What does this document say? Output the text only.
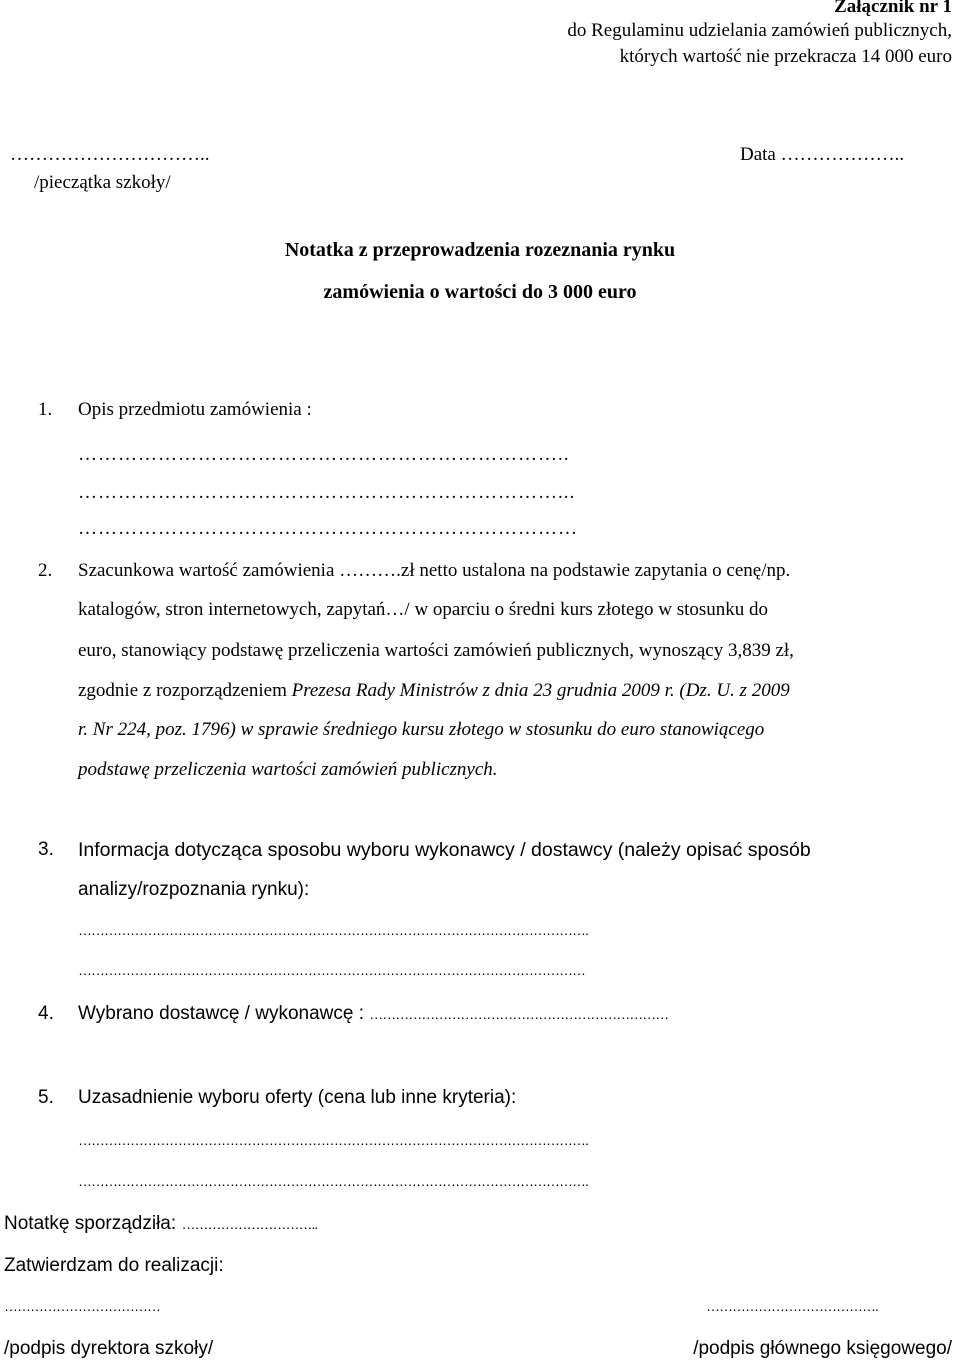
Załącznik nr 1
do Regulaminu udzielania zamówień publicznych,
których wartość nie przekracza 14 000 euro
…………………………..
/pieczątka szkoły/
Data ………………..
Notatka z przeprowadzenia rozeznania rynku
zamówienia o wartości do 3 000 euro
1. Opis przedmiotu zamówienia :
………………………………………………………………..
………………………………………………………………...
…………………………………………………………………
2. Szacunkowa wartość zamówienia ……….zł netto ustalona na podstawie zapytania o cenę/np.
katalogów, stron internetowych, zapytań…/ w oparciu o średni kurs złotego w stosunku do
euro, stanowiący podstawę przeliczenia wartości zamówień publicznych, wynoszący 3,839 zł,
zgodnie z rozporządzeniem Prezesa Rady Ministrów z dnia 23 grudnia 2009 r. (Dz. U. z 2009
r. Nr 224, poz. 1796) w sprawie średniego kursu złotego w stosunku do euro stanowiącego
podstawę przeliczenia wartości zamówień publicznych.
3. Informacja dotycząca sposobu wyboru wykonawcy / dostawcy (należy opisać sposób
analizy/rozpoznania rynku):
……………………………………………………………………………………………………….
………………………………………………………………………………………………………
4. Wybrano dostawcę / wykonawcę : ……………………………………………………………
5. Uzasadnienie wyboru oferty (cena lub inne kryteria):
……………………………………………………………………………………………………….
……………………………………………………………………………………………………….
Notatkę sporządziła: …………………………..
Zatwierdzam do realizacji:
………………………………	………………………………….
/podpis dyrektora szkoły/	/podpis głównego księgowego/
